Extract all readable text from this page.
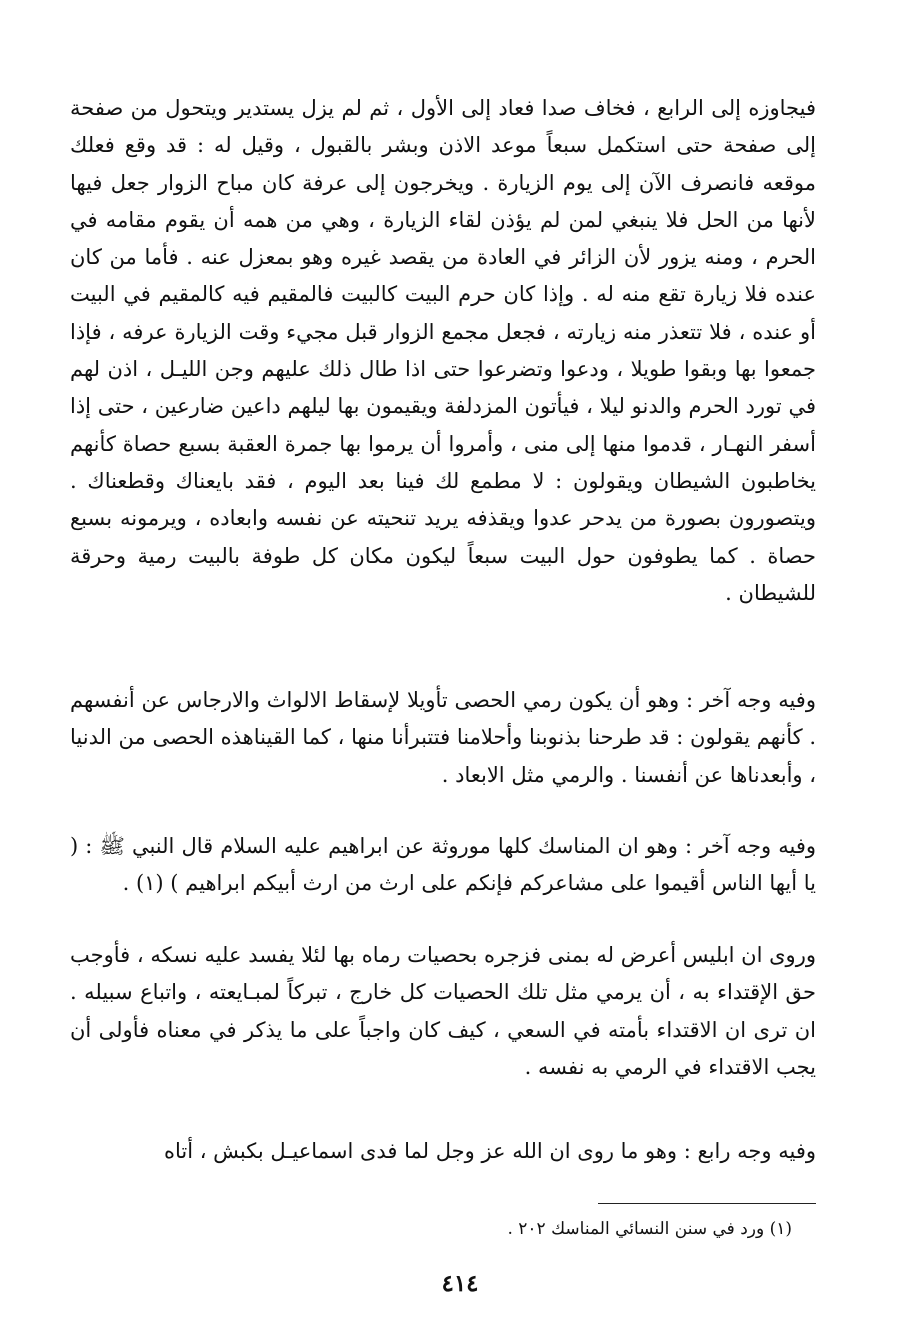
فيجاوزه إلى الرابع ، فخاف صدا فعاد إلى الأول ، ثم لم يزل يستدير ويتحول من صفحة إلى صفحة حتى استكمل سبعاً موعد الاذن وبشر بالقبول ، وقيل له : قد وقع فعلك موقعه فانصرف الآن إلى يوم الزيارة . ويخرجون إلى عرفة كان مباح الزوار جعل فيها لأنها من الحل فلا ينبغي لمن لم يؤذن لقاء الزيارة ، وهي من همه أن يقوم مقامه في الحرم ، ومنه يزور لأن الزائر في العادة من يقصد غيره وهو بمعزل عنه . فأما من كان عنده فلا زيارة تقع منه له . وإذا كان حرم البيت كالبيت فالمقيم فيه كالمقيم في البيت أو عنده ، فلا تتعذر منه زيارته ، فجعل مجمع الزوار قبل مجيء وقت الزيارة عرفه ، فإذا جمعوا بها وبقوا طويلا ، ودعوا وتضرعوا حتى اذا طال ذلك عليهم وجن الليـل ، اذن لهم في تورد الحرم والدنو ليلا ، فيأتون المزدلفة ويقيمون بها ليلهم داعين ضارعين ، حتى إذا أسفر النهـار ، قدموا منها إلى منى ، وأمروا أن يرموا بها جمرة العقبة بسبع حصاة كأنهم يخاطبون الشيطان ويقولون : لا مطمع لك فينا بعد اليوم ، فقد بايعناك وقطعناك . ويتصورون بصورة من يدحر عدوا ويقذفه يريد تنحيته عن نفسه وابعاده ، ويرمونه بسبع حصاة . كما يطوفون حول البيت سبعاً ليكون مكان كل طوفة بالبيت رمية وحرقة للشيطان .

وفيه وجه آخر : وهو أن يكون رمي الحصى تأويلا لإسقاط الالواث والارجاس عن أنفسهم . كأنهم يقولون : قد طرحنا بذنوبنا وأحلامنا فتتبرأنا منها ، كما القيناهذه الحصى من الدنيا ، وأبعدناها عن أنفسنا . والرمي مثل الابعاد .

وفيه وجه آخر : وهو ان المناسك كلها موروثة عن ابراهيم عليه السلام قال النبي ﷺ : ( يا أيها الناس أقيموا على مشاعركم فإنكم على ارث من ارث أبيكم ابراهيم ) (١) .

وروى ان ابليس أعرض له بمنى فزجره بحصيات رماه بها لئلا يفسد عليه نسكه ، فأوجب حق الإقتداء به ، أن يرمي مثل تلك الحصيات كل خارج ، تبركاً لمبـايعته ، واتباع سبيله . ان ترى ان الاقتداء بأمته في السعي ، كيف كان واجباً على ما يذكر في معناه فأولى أن يجب الاقتداء في الرمي به نفسه .

وفيه وجه رابع : وهو ما روى ان الله عز وجل لما فدى اسماعيـل بكبش ، أتاه

(١) ورد في سنن النسائي المناسك ٢٠٢ .
٤١٤
